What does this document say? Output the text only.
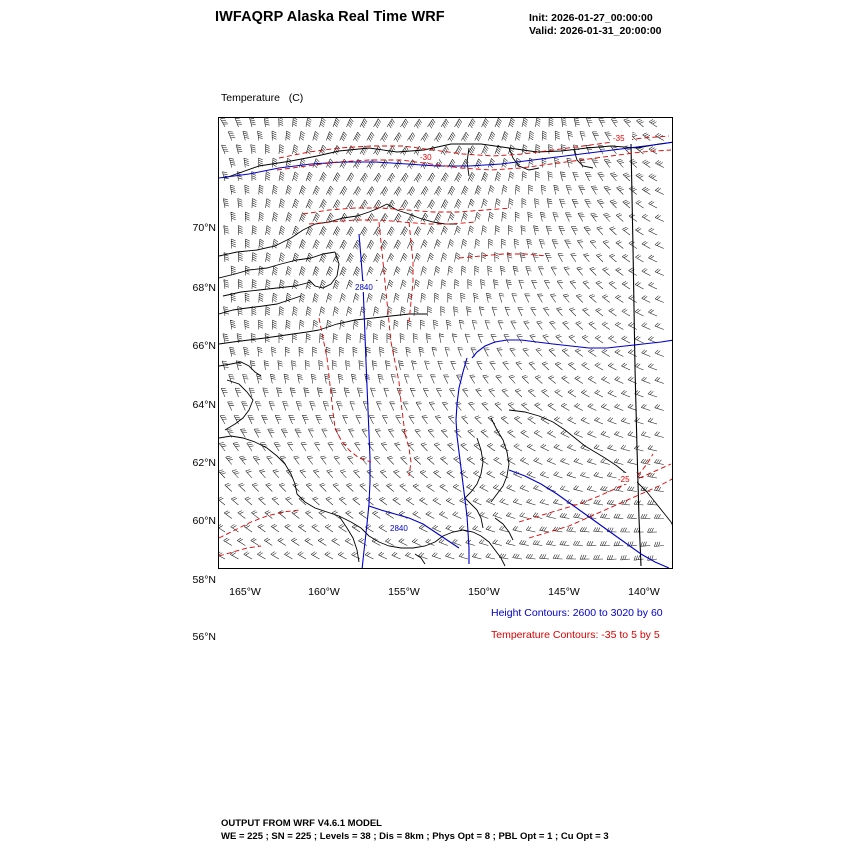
IWFAQRP Alaska Real Time WRF	Init: 2026-01-27_00:00:00
Valid: 2026-01-31_20:00:00

Temperature   (C)

70°N
68°N
66°N
64°N
62°N
60°N
58°N
56°N
165°W	160°W	155°W	150°W	145°W	140°W
2840
2840
-25
-35
-30
Height Contours: 2600 to 3020 by 60
Temperature Contours: -35 to 5 by 5
OUTPUT FROM WRF V4.6.1 MODEL
WE = 225 ; SN = 225 ; Levels = 38 ; Dis = 8km ; Phys Opt = 8 ; PBL Opt = 1 ; Cu Opt = 3
